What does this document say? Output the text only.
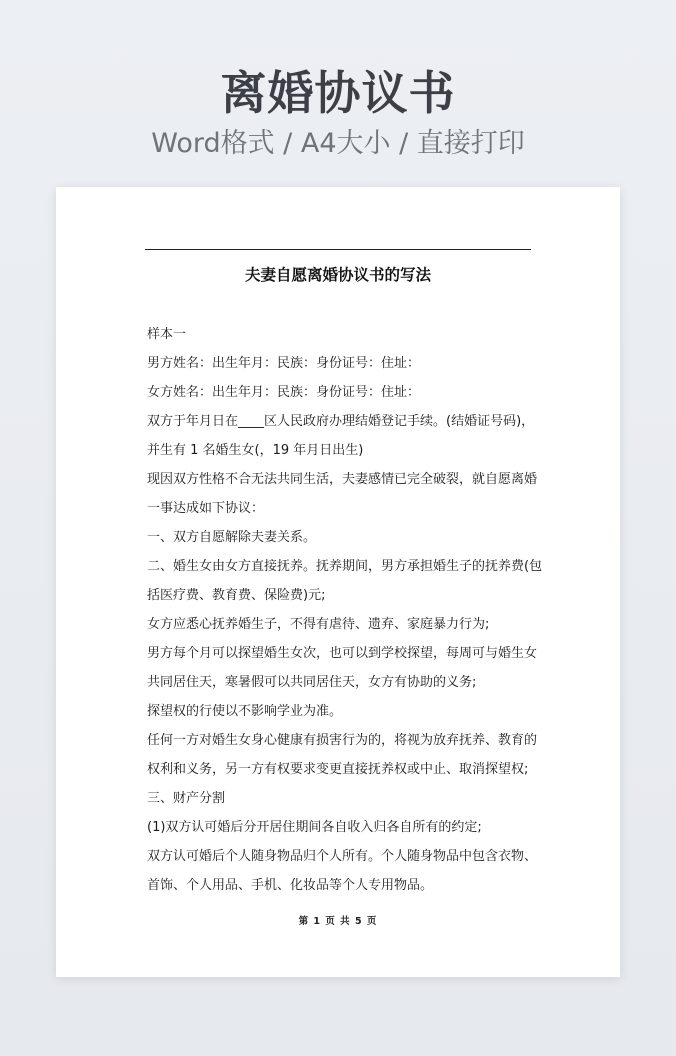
离婚协议书
Word格式 / A4大小 / 直接打印
夫妻自愿离婚协议书的写法
样本一
男方姓名：出生年月：民族：身份证号：住址：
女方姓名：出生年月：民族：身份证号：住址：
双方于年月日在____区人民政府办理结婚登记手续。(结婚证号码)，
并生有 1 名婚生女(，19 年月日出生)
现因双方性格不合无法共同生活，夫妻感情已完全破裂，就自愿离婚
一事达成如下协议：
一、双方自愿解除夫妻关系。
二、婚生女由女方直接抚养。抚养期间，男方承担婚生子的抚养费(包
括医疗费、教育费、保险费)元;
女方应悉心抚养婚生子，不得有虐待、遗弃、家庭暴力行为;
男方每个月可以探望婚生女次，也可以到学校探望，每周可与婚生女
共同居住天，寒暑假可以共同居住天，女方有协助的义务;
探望权的行使以不影响学业为准。
任何一方对婚生女身心健康有损害行为的，将视为放弃抚养、教育的
权利和义务，另一方有权要求变更直接抚养权或中止、取消探望权;
三、财产分割
(1)双方认可婚后分开居住期间各自收入归各自所有的约定;
双方认可婚后个人随身物品归个人所有。个人随身物品中包含衣物、
首饰、个人用品、手机、化妆品等个人专用物品。
第 1 页 共 5 页
